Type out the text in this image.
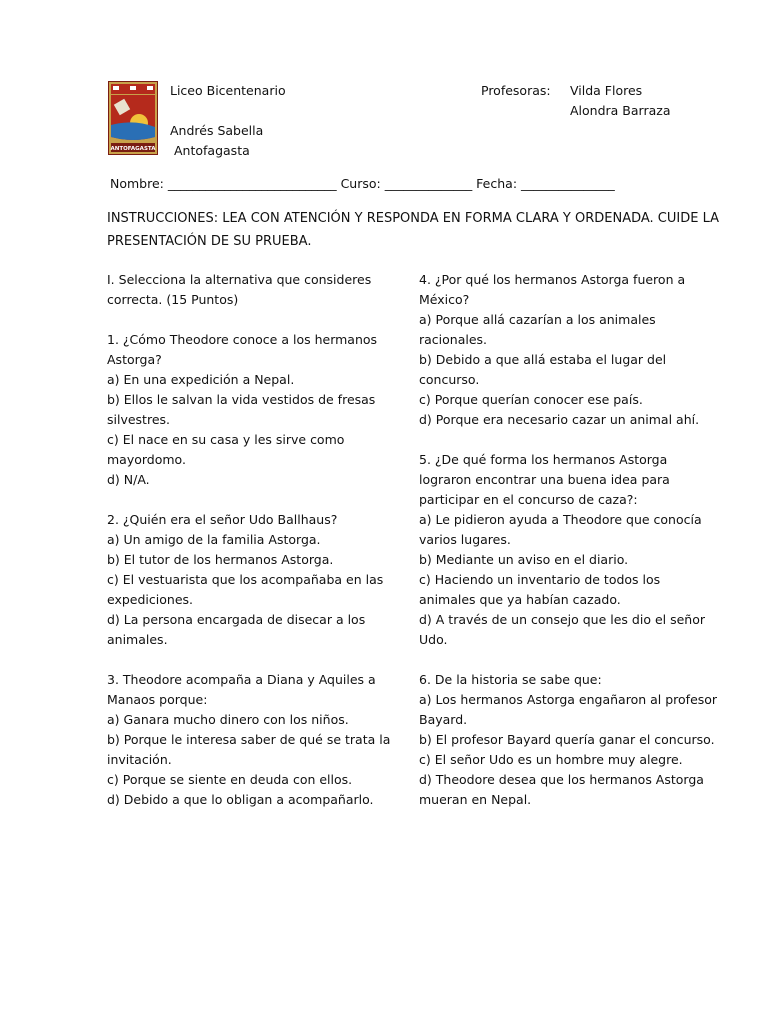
ANTOFAGASTA
Liceo Bicentenario
Andrés Sabella
Antofagasta
Profesoras: Vilda Flores
Alondra Barraza
Nombre: ___________________________ Curso: ______________ Fecha: _______________
INSTRUCCIONES: LEA CON ATENCIÓN Y RESPONDA EN FORMA CLARA Y ORDENADA. CUIDE LA
PRESENTACIÓN DE SU PRUEBA.
I. Selecciona la alternativa que consideres
correcta. (15 Puntos)
1. ¿Cómo Theodore conoce a los hermanos
Astorga?
a) En una expedición a Nepal.
b) Ellos le salvan la vida vestidos de fresas
silvestres.
c) El nace en su casa y les sirve como
mayordomo.
d) N/A.
2. ¿Quién era el señor Udo Ballhaus?
a) Un amigo de la familia Astorga.
b) El tutor de los hermanos Astorga.
c) El vestuarista que los acompañaba en las
expediciones.
d) La persona encargada de disecar a los
animales.
3. Theodore acompaña a Diana y Aquiles a
Manaos porque:
a) Ganara mucho dinero con los niños.
b) Porque le interesa saber de qué se trata la
invitación.
c) Porque se siente en deuda con ellos.
d) Debido a que lo obligan a acompañarlo.
4. ¿Por qué los hermanos Astorga fueron a
México?
a) Porque allá cazarían a los animales
racionales.
b) Debido a que allá estaba el lugar del
concurso.
c) Porque querían conocer ese país.
d) Porque era necesario cazar un animal ahí.
5. ¿De qué forma los hermanos Astorga
lograron encontrar una buena idea para
participar en el concurso de caza?:
a) Le pidieron ayuda a Theodore que conocía
varios lugares.
b) Mediante un aviso en el diario.
c) Haciendo un inventario de todos los
animales que ya habían cazado.
d) A través de un consejo que les dio el señor
Udo.
6. De la historia se sabe que:
a) Los hermanos Astorga engañaron al profesor
Bayard.
b) El profesor Bayard quería ganar el concurso.
c) El señor Udo es un hombre muy alegre.
d) Theodore desea que los hermanos Astorga
mueran en Nepal.
